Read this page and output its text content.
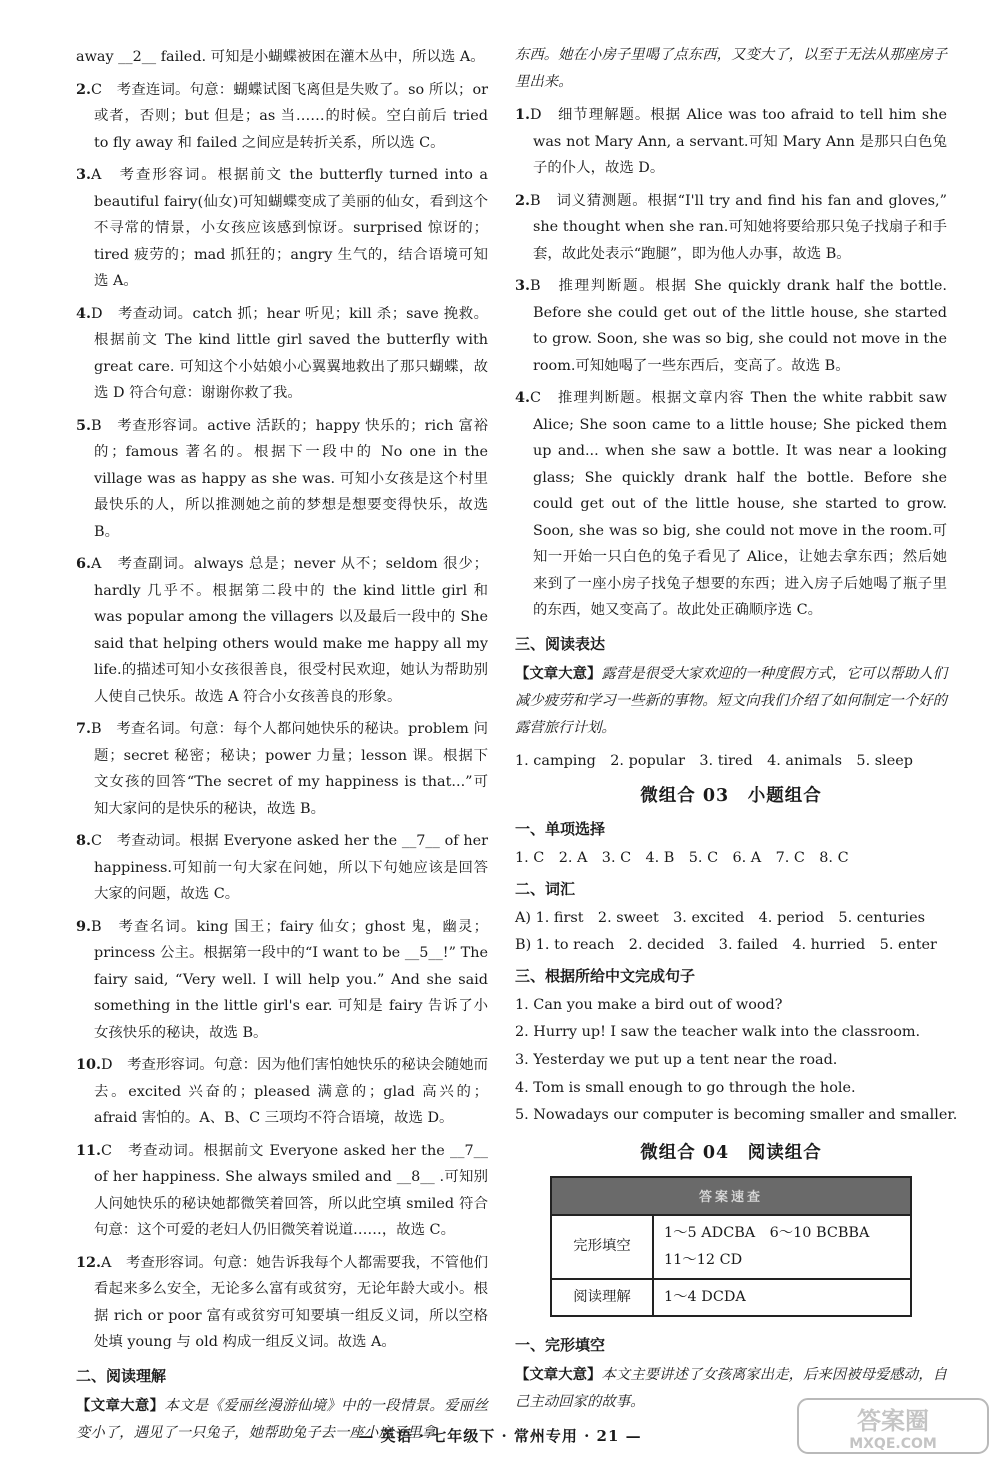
away __2__ failed. 可知是小蝴蝶被困在灌木丛中，所以选 A。

2.C　考查连词。句意：蝴蝶试图飞离但是失败了。so 所以；or或者，否则；but 但是；as 当……的时候。空白前后 tried to fly away 和 failed 之间应是转折关系，所以选 C。

3.A　考查形容词。根据前文 the butterfly turned into a beautiful fairy(仙女)可知蝴蝶变成了美丽的仙女，看到这个不寻常的情景，小女孩应该感到惊讶。surprised 惊讶的；tired 疲劳的；mad 抓狂的；angry 生气的，结合语境可知选 A。

4.D　考查动词。catch 抓；hear 听见；kill 杀；save 挽救。根据前文 The kind little girl saved the butterfly with great care. 可知这个小姑娘小心翼翼地救出了那只蝴蝶，故选 D 符合句意：谢谢你救了我。

5.B　考查形容词。active 活跃的；happy 快乐的；rich 富裕的；famous 著名的。根据下一段中的 No one in the village was as happy as she was. 可知小女孩是这个村里最快乐的人，所以推测她之前的梦想是想要变得快乐，故选 B。

6.A　考查副词。always 总是；never 从不；seldom 很少；hardly 几乎不。根据第二段中的 the kind little girl 和 was popular among the villagers 以及最后一段中的 She said that helping others would make me happy all my life.的描述可知小女孩很善良，很受村民欢迎，她认为帮助别人使自己快乐。故选 A 符合小女孩善良的形象。

7.B　考查名词。句意：每个人都问她快乐的秘诀。problem 问题；secret 秘密；秘诀；power 力量；lesson 课。根据下文女孩的回答“The secret of my happiness is that...”可知大家问的是快乐的秘诀，故选 B。

8.C　考查动词。根据 Everyone asked her the __7__ of her happiness.可知前一句大家在问她，所以下句她应该是回答大家的问题，故选 C。

9.B　考查名词。king 国王；fairy 仙女；ghost 鬼，幽灵；princess 公主。根据第一段中的“I want to be __5__!” The fairy said, “Very well. I will help you.” And she said something in the little girl's ear. 可知是 fairy 告诉了小女孩快乐的秘诀，故选 B。

10.D　考查形容词。句意：因为他们害怕她快乐的秘诀会随她而去。excited 兴奋的；pleased 满意的；glad 高兴的；afraid 害怕的。A、B、C 三项均不符合语境，故选 D。

11.C　考查动词。根据前文 Everyone asked her the __7__ of her happiness. She always smiled and __8__ .可知别人问她快乐的秘诀她都微笑着回答，所以此空填 smiled 符合句意：这个可爱的老妇人仍旧微笑着说道……，故选 C。

12.A　考查形容词。句意：她告诉我每个人都需要我，不管他们看起来多么安全，无论多么富有或贫穷，无论年龄大或小。根据 rich or poor 富有或贫穷可知要填一组反义词，所以空格处填 young 与 old 构成一组反义词。故选 A。

二、阅读理解

【文章大意】本文是《爱丽丝漫游仙境》中的一段情景。爱丽丝变小了，遇见了一只兔子，她帮助兔子去一座小房子里拿

东西。她在小房子里喝了点东西，又变大了，以至于无法从那座房子里出来。

1.D　细节理解题。根据 Alice was too afraid to tell him she was not Mary Ann, a servant.可知 Mary Ann 是那只白色兔子的仆人，故选 D。

2.B　词义猜测题。根据“I'll try and find his fan and gloves,” she thought when she ran.可知她将要给那只兔子找扇子和手套，故此处表示“跑腿”，即为他人办事，故选 B。

3.B　推理判断题。根据 She quickly drank half the bottle. Before she could get out of the little house, she started to grow. Soon, she was so big, she could not move in the room.可知她喝了一些东西后，变高了。故选 B。

4.C　推理判断题。根据文章内容 Then the white rabbit saw Alice; She soon came to a little house; She picked them up and... when she saw a bottle. It was near a looking glass; She quickly drank half the bottle. Before she could get out of the little house, she started to grow. Soon, she was so big, she could not move in the room.可知一开始一只白色的兔子看见了 Alice，让她去拿东西；然后她来到了一座小房子找兔子想要的东西；进入房子后她喝了瓶子里的东西，她又变高了。故此处正确顺序选 C。

三、阅读表达

【文章大意】露营是很受大家欢迎的一种度假方式，它可以帮助人们减少疲劳和学习一些新的事物。短文向我们介绍了如何制定一个好的露营旅行计划。

1. camping　2. popular　3. tired　4. animals　5. sleep

微组合 03　小题组合
一、单项选择

1. C　2. A　3. C　4. B　5. C　6. A　7. C　8. C

二、词汇

A) 1. first　2. sweet　3. excited　4. period　5. centuries

B) 1. to reach　2. decided　3. failed　4. hurried　5. enter

三、根据所给中文完成句子

1. Can you make a bird out of wood?

2. Hurry up! I saw the teacher walk into the classroom.

3. Yesterday we put up a tent near the road.

4. Tom is small enough to go through the hole.

5. Nowadays our computer is becoming smaller and smaller.

微组合 04　阅读组合
答案速查	
完形填空	1～5 ADCBA　6～10 BCBBA
11～12 CD
阅读理解	1～4 DCDA
一、完形填空

【文章大意】本文主要讲述了女孩离家出走，后来因被母爱感动，自己主动回家的故事。

— 英语 · 七年级下 · 常州专用 · 21 —
答案圈
MXQE.COM
